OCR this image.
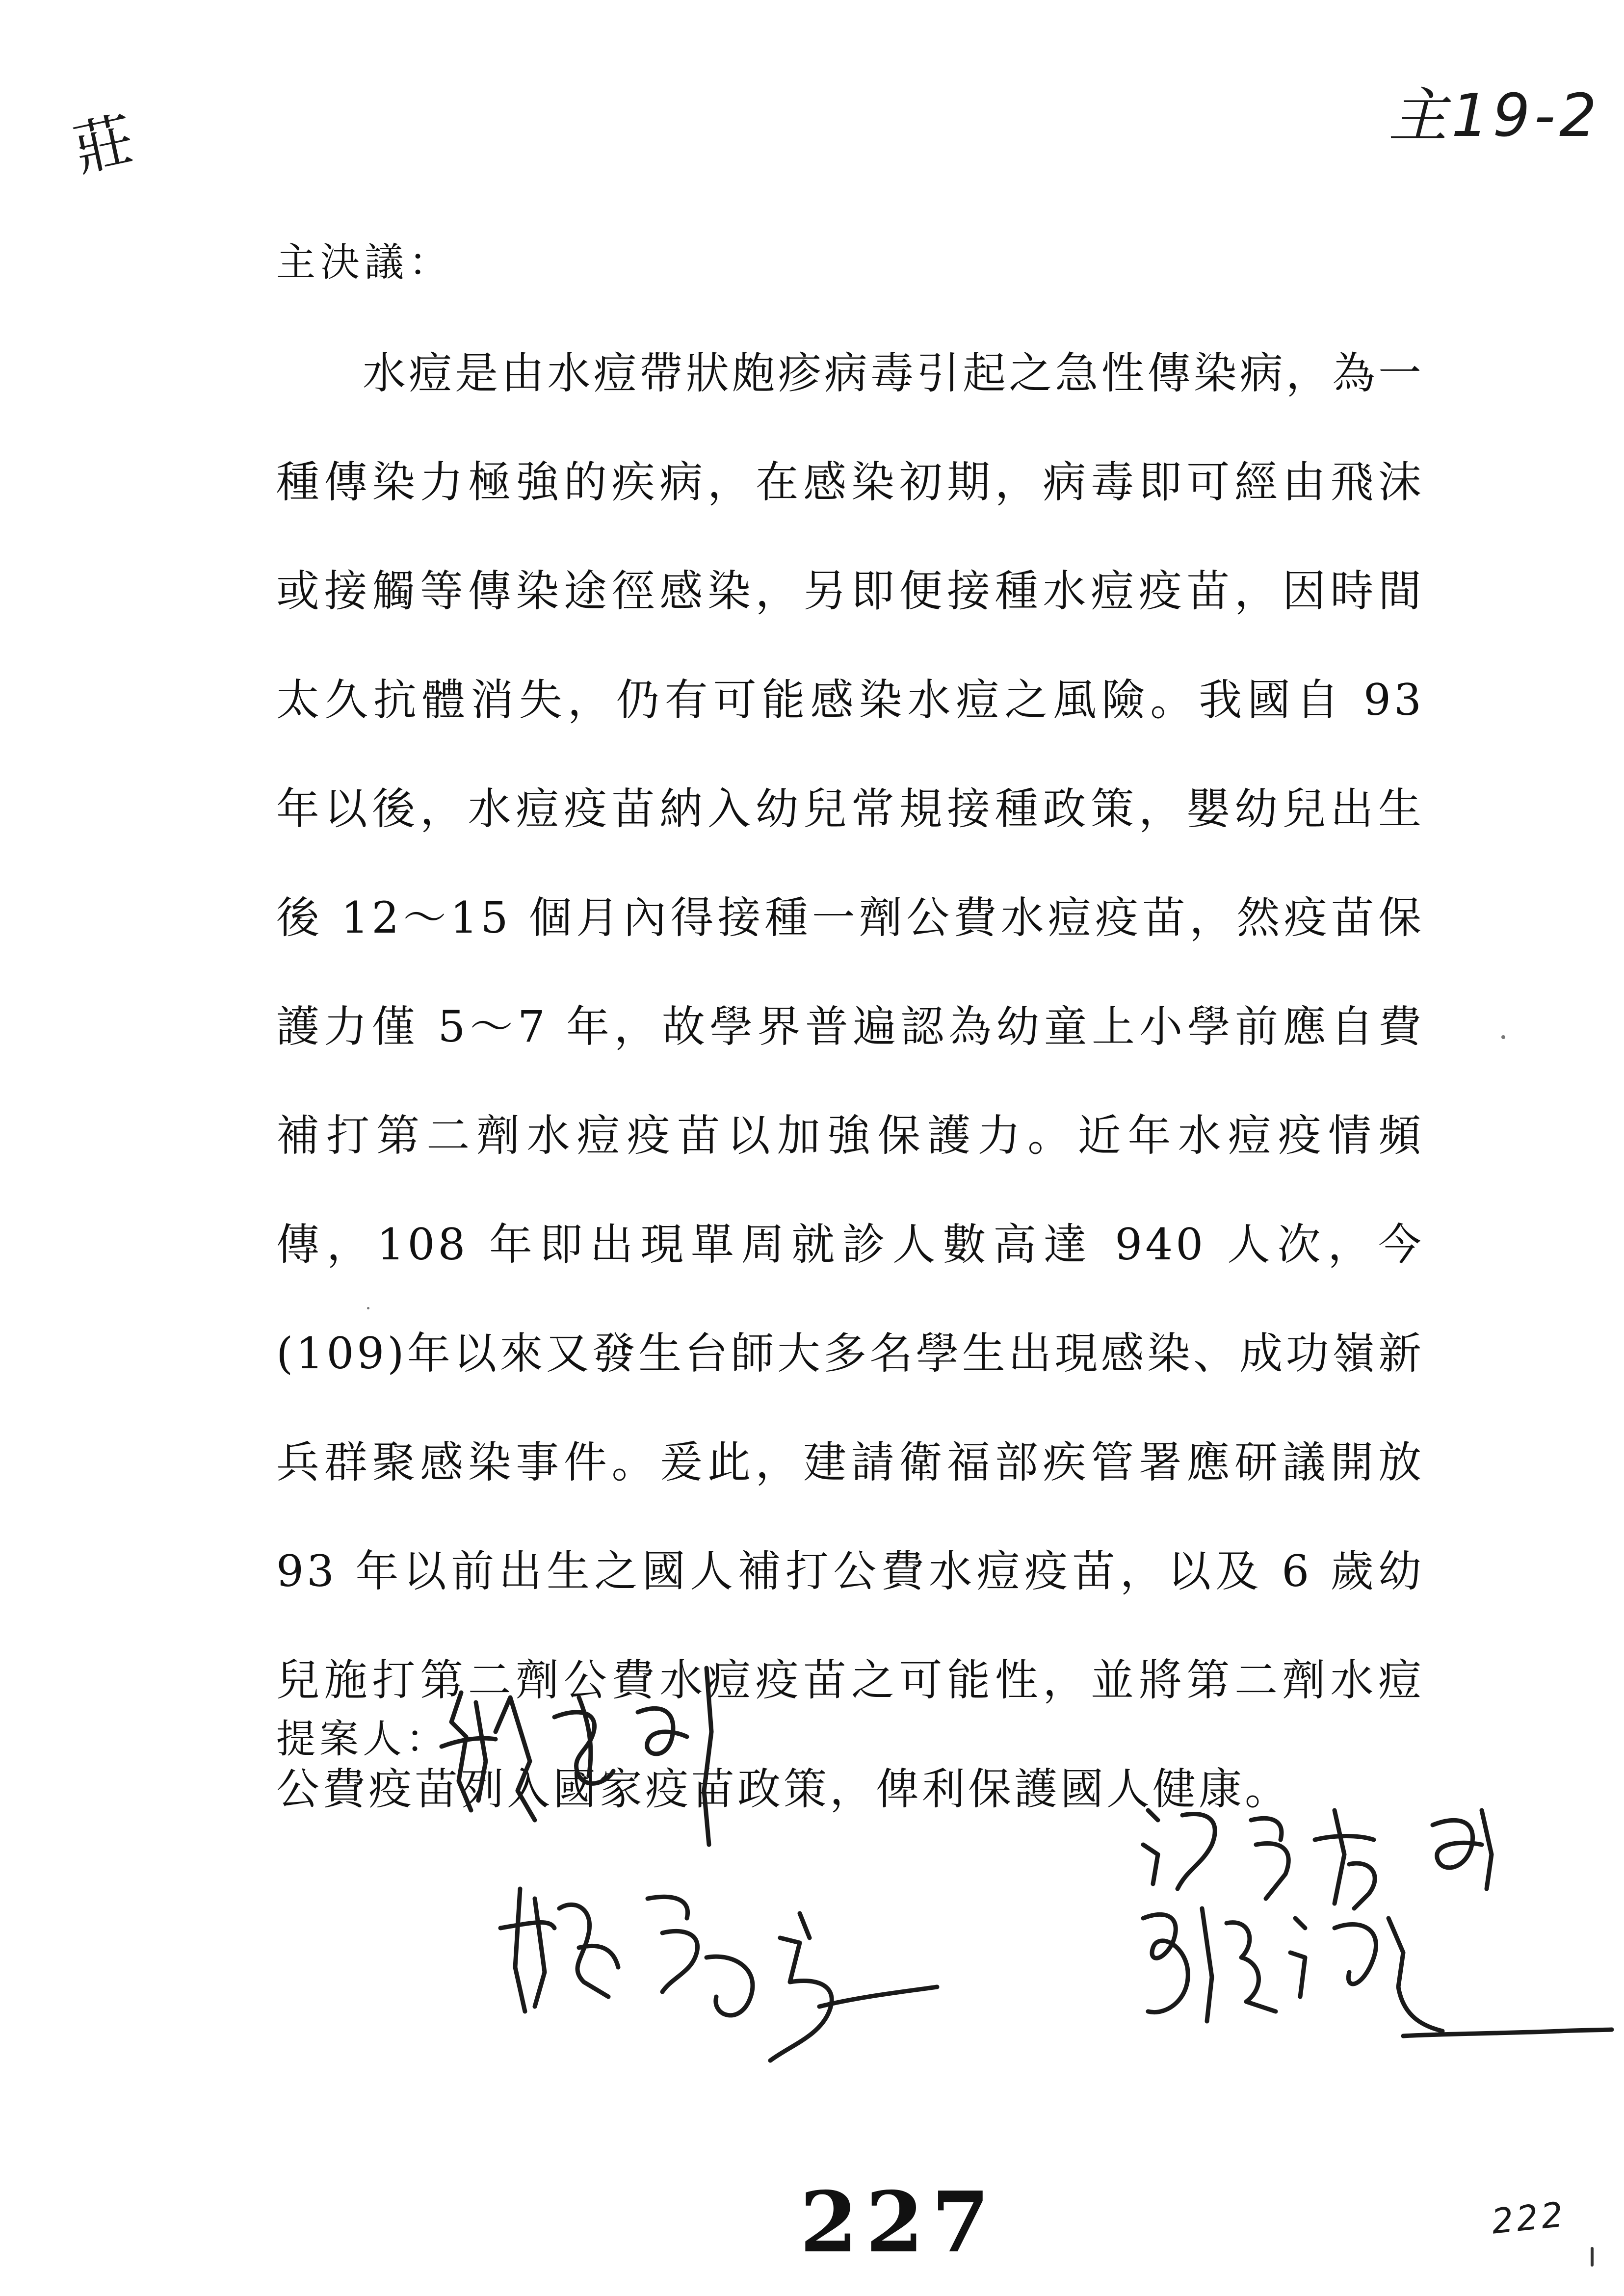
莊	主19-2
主決議：

水痘是由水痘帶狀皰疹病毒引起之急性傳染病，為一種傳染力極強的疾病，在感染初期，病毒即可經由飛沫或接觸等傳染途徑感染，另即便接種水痘疫苗，因時間太久抗體消失，仍有可能感染水痘之風險。我國自 93 年以後，水痘疫苗納入幼兒常規接種政策，嬰幼兒出生後 12～15 個月內得接種一劑公費水痘疫苗，然疫苗保護力僅 5～7 年，故學界普遍認為幼童上小學前應自費補打第二劑水痘疫苗以加強保護力。近年水痘疫情頻傳，108 年即出現單周就診人數高達 940 人次，今(109)年以來又發生台師大多名學生出現感染、成功嶺新兵群聚感染事件。爰此，建請衛福部疾管署應研議開放 93 年以前出生之國人補打公費水痘疫苗，以及 6 歲幼兒施打第二劑公費水痘疫苗之可能性，並將第二劑水痘公費疫苗列入國家疫苗政策，俾利保護國人健康。

提案人：
227	222
